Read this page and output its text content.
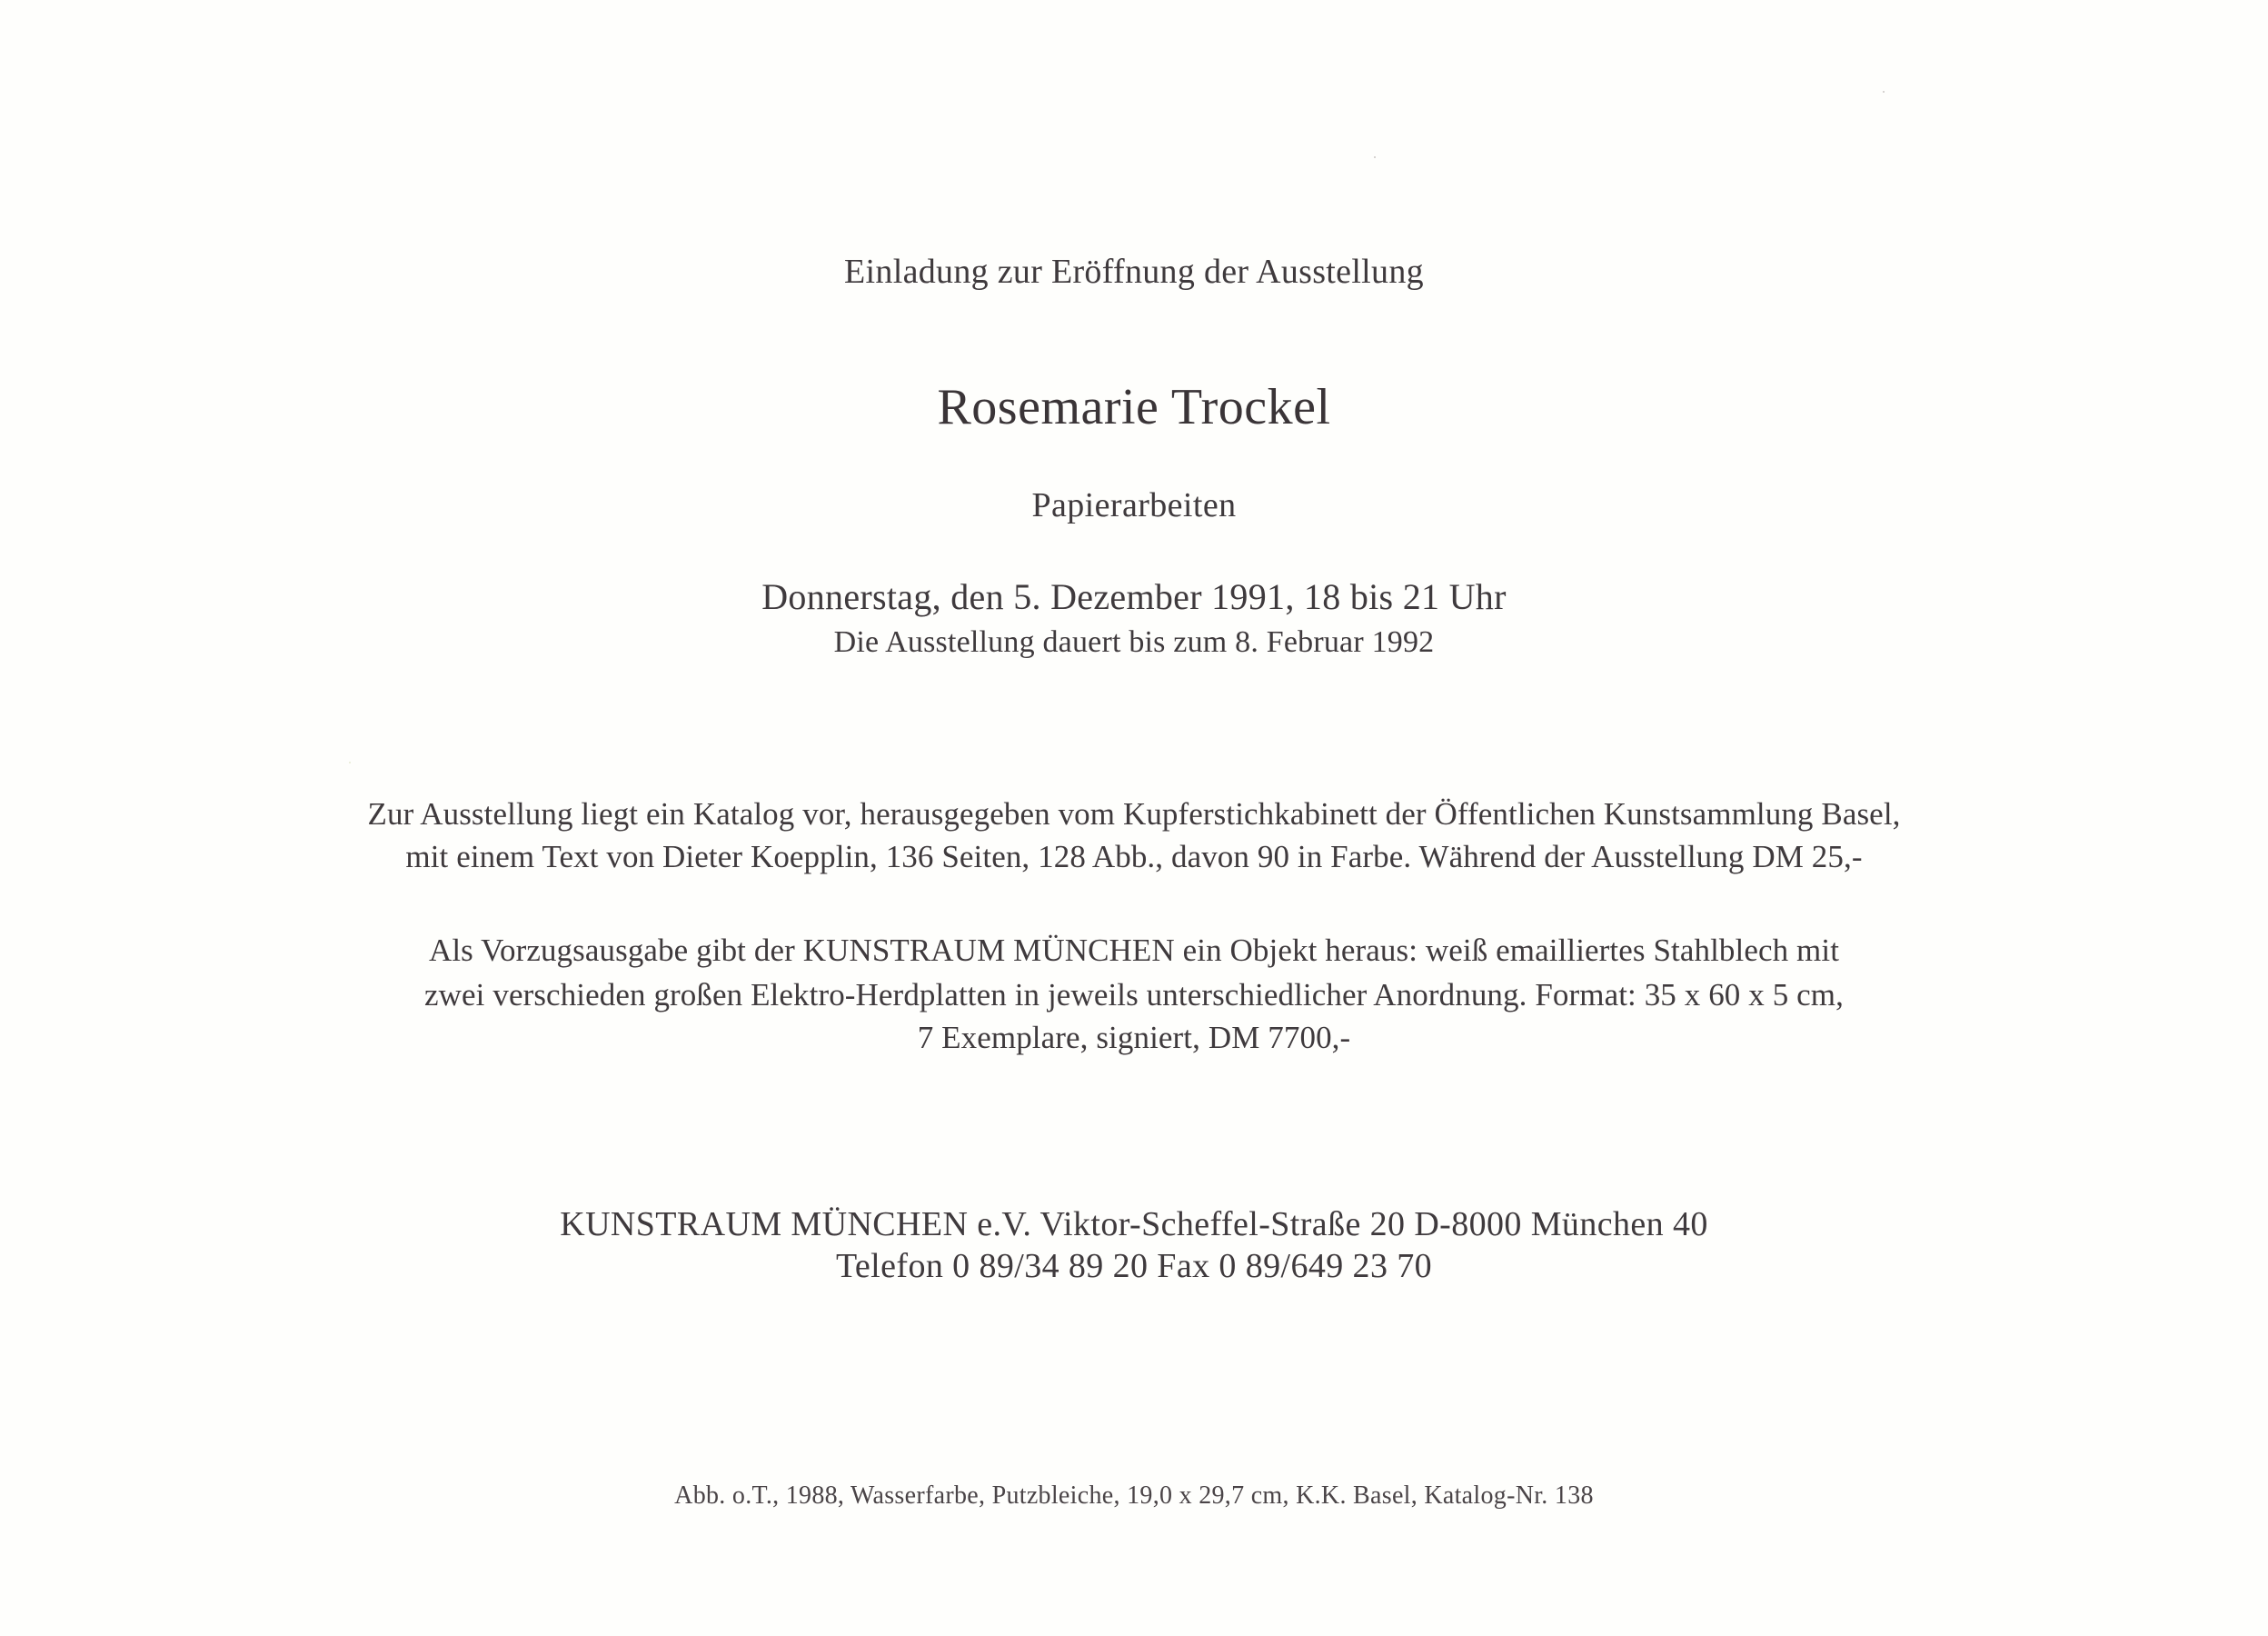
Einladung zur Eröffnung der Ausstellung
Rosemarie Trockel
Papierarbeiten
Donnerstag, den 5. Dezember 1991, 18 bis 21 Uhr
Die Ausstellung dauert bis zum 8. Februar 1992
Zur Ausstellung liegt ein Katalog vor, herausgegeben vom Kupferstichkabinett der Öffentlichen Kunstsammlung Basel,
mit einem Text von Dieter Koepplin, 136 Seiten, 128 Abb., davon 90 in Farbe. Während der Ausstellung DM 25,-
Als Vorzugsausgabe gibt der KUNSTRAUM MÜNCHEN ein Objekt heraus: weiß emailliertes Stahlblech mit
zwei verschieden großen Elektro-Herdplatten in jeweils unterschiedlicher Anordnung. Format: 35 x 60 x 5 cm,
7 Exemplare, signiert, DM 7700,-
KUNSTRAUM MÜNCHEN e.V. Viktor-Scheffel-Straße 20 D-8000 München 40
Telefon 0 89/34 89 20 Fax 0 89/649 23 70
Abb. o.T., 1988, Wasserfarbe, Putzbleiche, 19,0 x 29,7 cm, K.K. Basel, Katalog-Nr. 138
